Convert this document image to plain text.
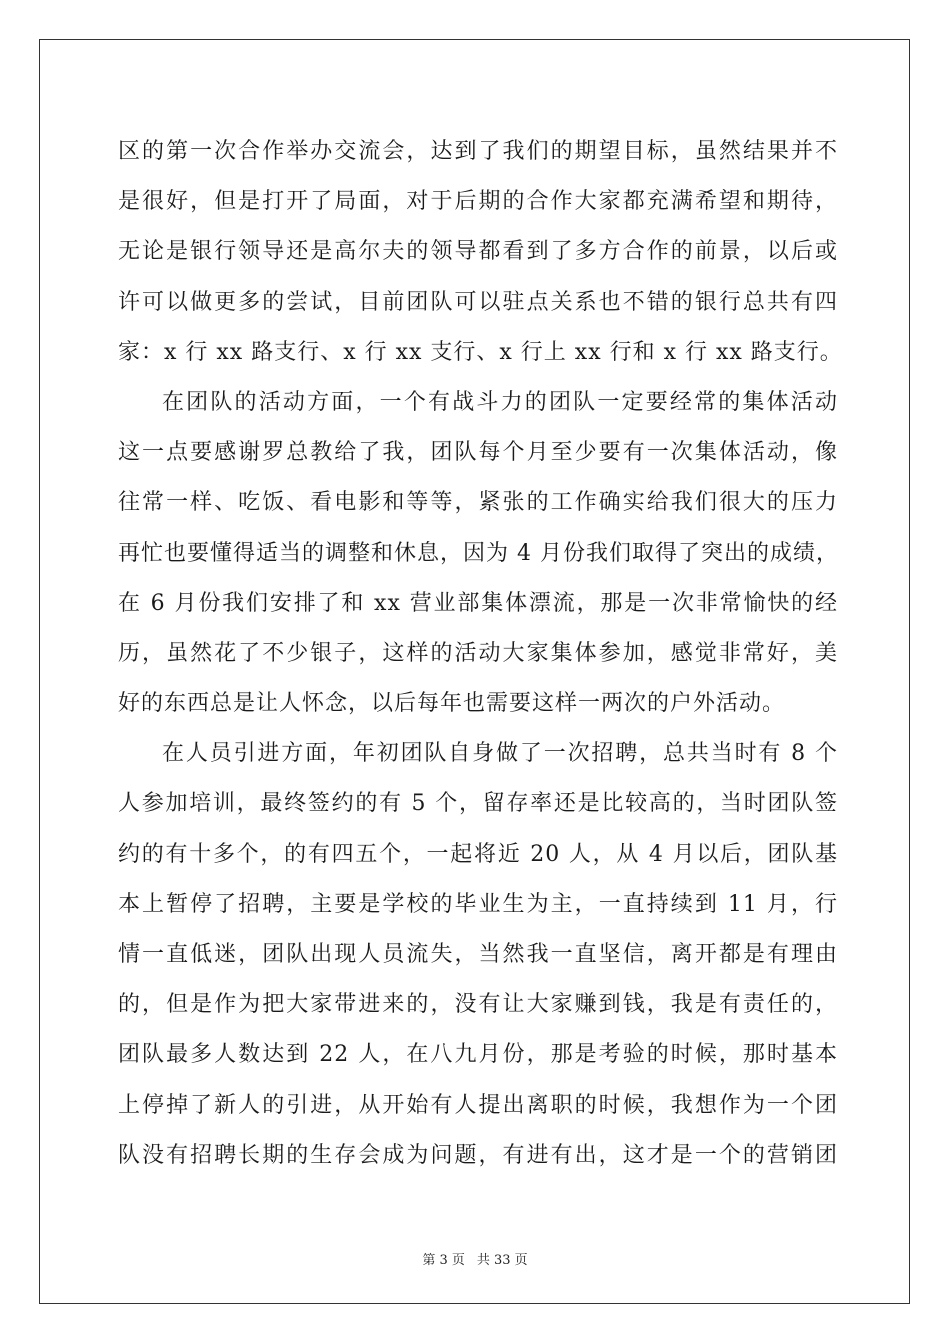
区的第一次合作举办交流会，达到了我们的期望目标，虽然结果并不
是很好，但是打开了局面，对于后期的合作大家都充满希望和期待，
无论是银行领导还是高尔夫的领导都看到了多方合作的前景，以后或
许可以做更多的尝试，目前团队可以驻点关系也不错的银行总共有四
家：x 行 xx 路支行、x 行 xx 支行、x 行上 xx 行和 x 行 xx 路支行。
在团队的活动方面，一个有战斗力的团队一定要经常的集体活动
这一点要感谢罗总教给了我，团队每个月至少要有一次集体活动，像
往常一样、吃饭、看电影和等等，紧张的工作确实给我们很大的压力
再忙也要懂得适当的调整和休息，因为 4 月份我们取得了突出的成绩，
在 6 月份我们安排了和 xx 营业部集体漂流，那是一次非常愉快的经
历，虽然花了不少银子，这样的活动大家集体参加，感觉非常好，美
好的东西总是让人怀念，以后每年也需要这样一两次的户外活动。
在人员引进方面，年初团队自身做了一次招聘，总共当时有 8 个
人参加培训，最终签约的有 5 个，留存率还是比较高的，当时团队签
约的有十多个，的有四五个，一起将近 20 人，从 4 月以后，团队基
本上暂停了招聘，主要是学校的毕业生为主，一直持续到 11 月，行
情一直低迷，团队出现人员流失，当然我一直坚信，离开都是有理由
的，但是作为把大家带进来的，没有让大家赚到钱，我是有责任的，
团队最多人数达到 22 人，在八九月份，那是考验的时候，那时基本
上停掉了新人的引进，从开始有人提出离职的时候，我想作为一个团
队没有招聘长期的生存会成为问题，有进有出，这才是一个的营销团
第 3 页 共 33 页
